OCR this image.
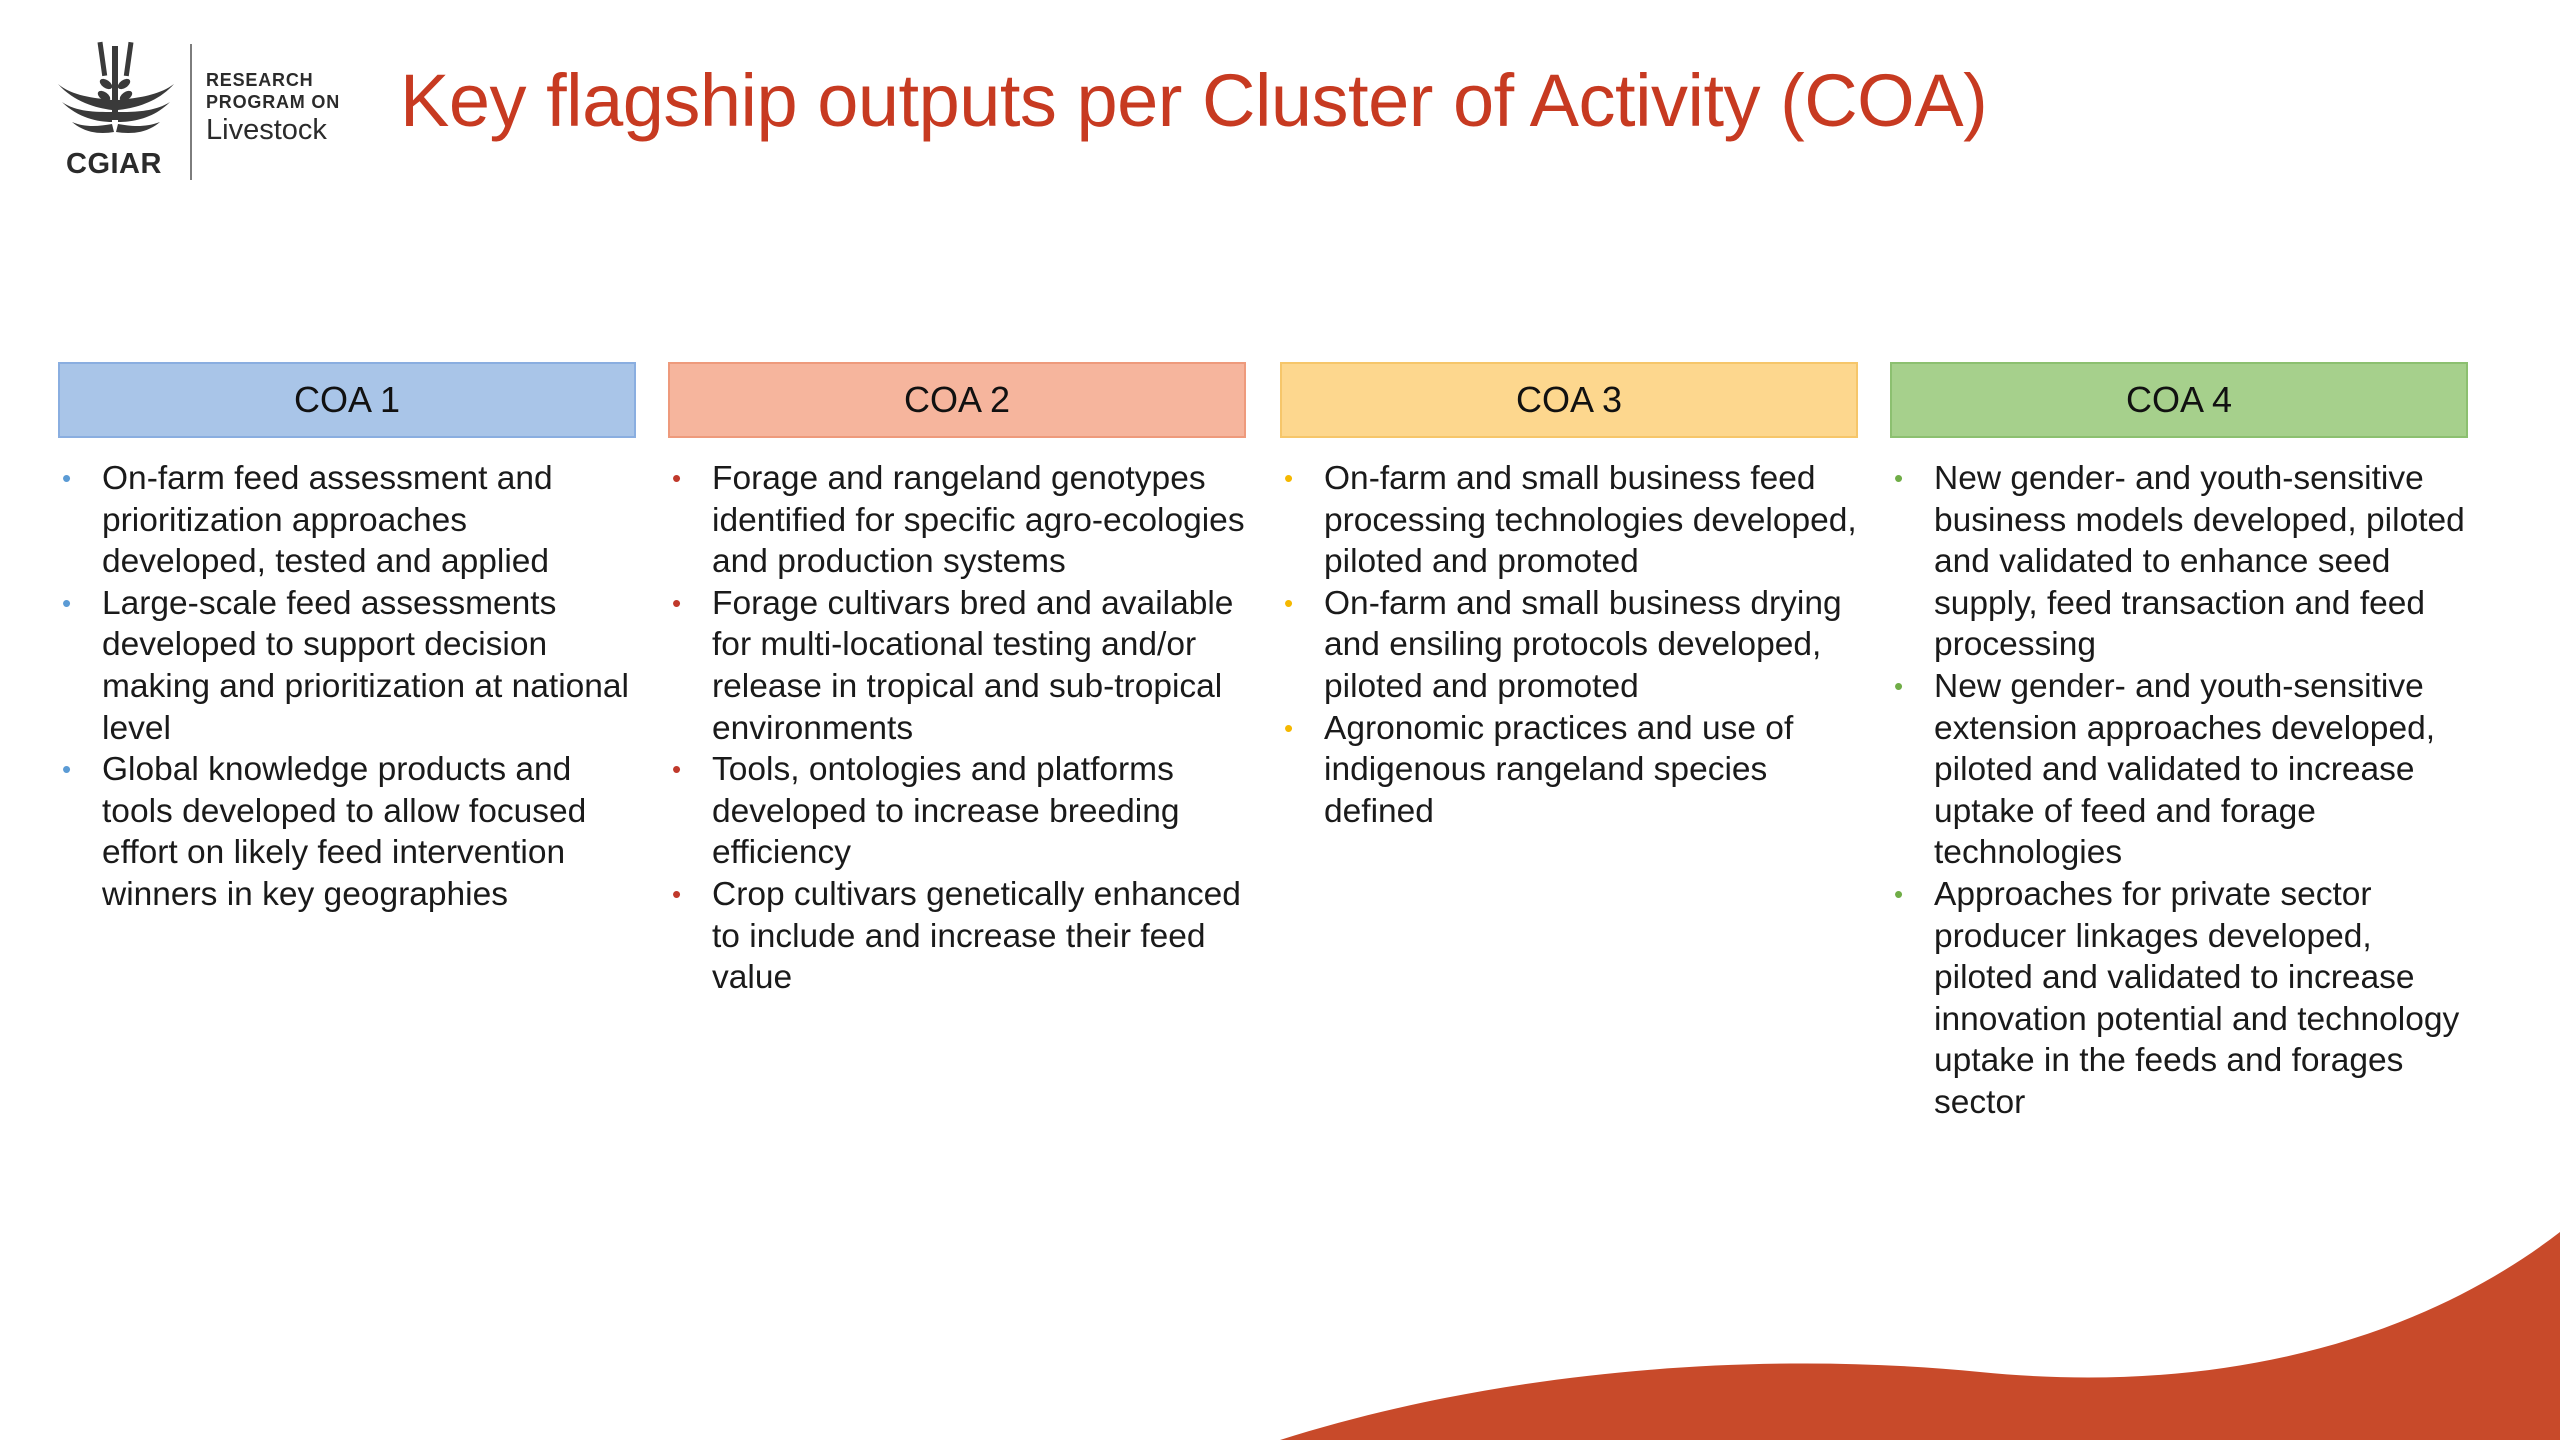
CGIAR
RESEARCH
PROGRAM ON
Livestock Key flagship outputs per Cluster of Activity (COA)
COA 1
• On-farm feed assessment and prioritization approaches developed, tested and applied
• Large-scale feed assessments developed to support decision making and prioritization at national level
• Global knowledge products and tools developed to allow focused effort on likely feed intervention winners in key geographies
COA 2
• Forage and rangeland genotypes identified for specific agro-ecologies and production systems
• Forage cultivars bred and available for multi-locational testing and/or release in tropical and sub-tropical environments
• Tools, ontologies and platforms developed to increase breeding efficiency
• Crop cultivars genetically enhanced to include and increase their feed value
COA 3
• On-farm and small business feed processing technologies developed, piloted and promoted
• On-farm and small business drying and ensiling protocols developed, piloted and promoted
• Agronomic practices and use of indigenous rangeland species defined
COA 4
• New gender- and youth-sensitive business models developed, piloted and validated to enhance seed supply, feed transaction and feed processing
• New gender- and youth-sensitive extension approaches developed, piloted and validated to increase uptake of feed and forage technologies
• Approaches for private sector producer linkages developed, piloted and validated to increase innovation potential and technology uptake in the feeds and forages sector
